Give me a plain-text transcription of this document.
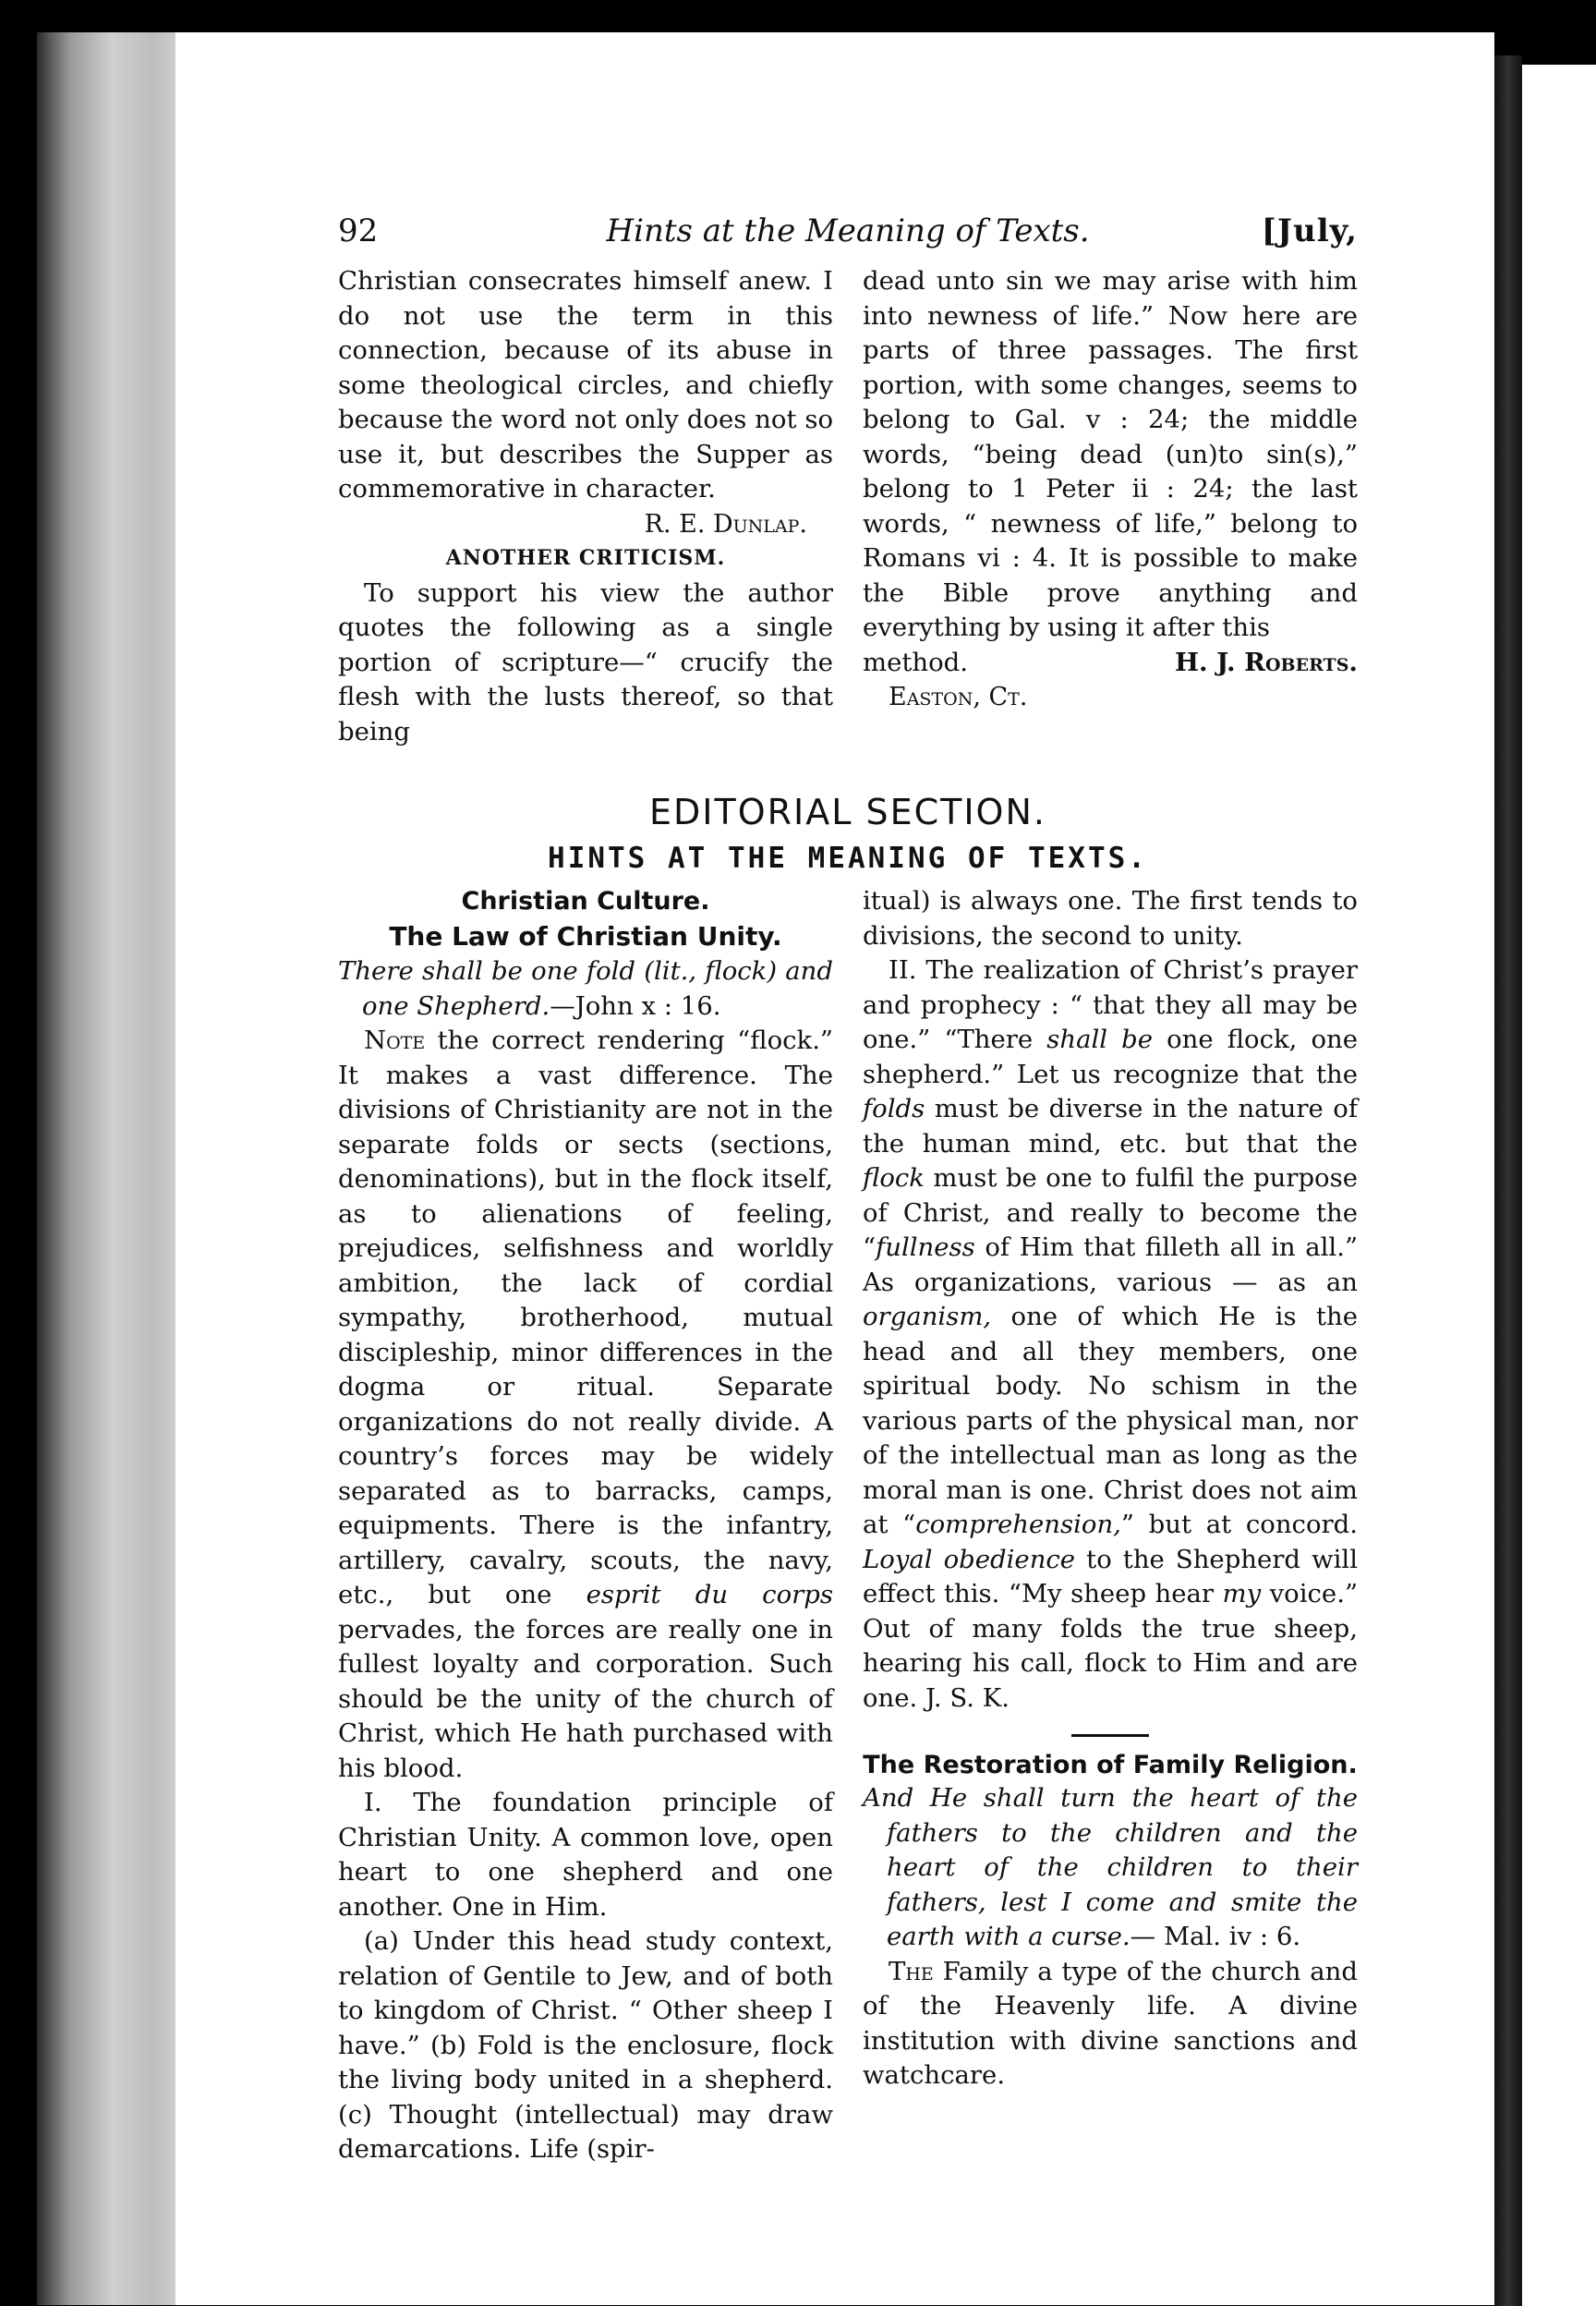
92	Hints at the Meaning of Texts.	[July,

Christian consecrates himself anew. I do not use the term in this connection, because of its abuse in some theological circles, and chiefly because the word not only does not so use it, but describes the Supper as commemorative in character.

R. E. Dunlap.
ANOTHER CRITICISM.

To support his view the author quotes the following as a single portion of scripture—“ crucify the flesh with the lusts thereof, so that being

dead unto sin we may arise with him into newness of life.” Now here are parts of three passages. The first portion, with some changes, seems to belong to Gal. v : 24; the middle words, “being dead (un)to sin(s),” belong to 1 Peter ii : 24; the last words, “ newness of life,” belong to Romans vi : 4. It is possible to make the Bible prove anything and everything by using it after this

method.	H. J. Roberts.
Easton, Ct.
EDITORIAL SECTION.
HINTS AT THE MEANING OF TEXTS.
Christian Culture.
The Law of Christian Unity.

There shall be one fold (lit., flock) and one Shepherd.—John x : 16.

Note the correct rendering “flock.” It makes a vast difference. The divisions of Christianity are not in the separate folds or sects (sections, denominations), but in the flock itself, as to alienations of feeling, prejudices, selfishness and worldly ambition, the lack of cordial sympathy, brotherhood, mutual discipleship, minor differences in the dogma or ritual. Separate organizations do not really divide. A country’s forces may be widely separated as to barracks, camps, equipments. There is the infantry, artillery, cavalry, scouts, the navy, etc., but one esprit du corps pervades, the forces are really one in fullest loyalty and corporation. Such should be the unity of the church of Christ, which He hath purchased with his blood.

I. The foundation principle of Christian Unity. A common love, open heart to one shepherd and one another. One in Him.

(a) Under this head study context, relation of Gentile to Jew, and of both to kingdom of Christ. “ Other sheep I have.” (b) Fold is the enclosure, flock the living body united in a shepherd. (c) Thought (intellectual) may draw demarcations. Life (spir-

itual) is always one. The first tends to divisions, the second to unity.

II. The realization of Christ’s prayer and prophecy : “ that they all may be one.” “There shall be one flock, one shepherd.” Let us recognize that the folds must be diverse in the nature of the human mind, etc. but that the flock must be one to fulfil the purpose of Christ, and really to become the “fullness of Him that filleth all in all.” As organizations, various — as an organism, one of which He is the head and all they members, one spiritual body. No schism in the various parts of the physical man, nor of the intellectual man as long as the moral man is one. Christ does not aim at “comprehension,” but at concord. Loyal obedience to the Shepherd will effect this. “My sheep hear my voice.” Out of many folds the true sheep, hearing his call, flock to Him and are one. J. S. K.

The Restoration of Family Religion.

And He shall turn the heart of the fathers to the children and the heart of the children to their fathers, lest I come and smite the earth with a curse.— Mal. iv : 6.

The Family a type of the church and of the Heavenly life. A divine institution with divine sanctions and watchcare.
